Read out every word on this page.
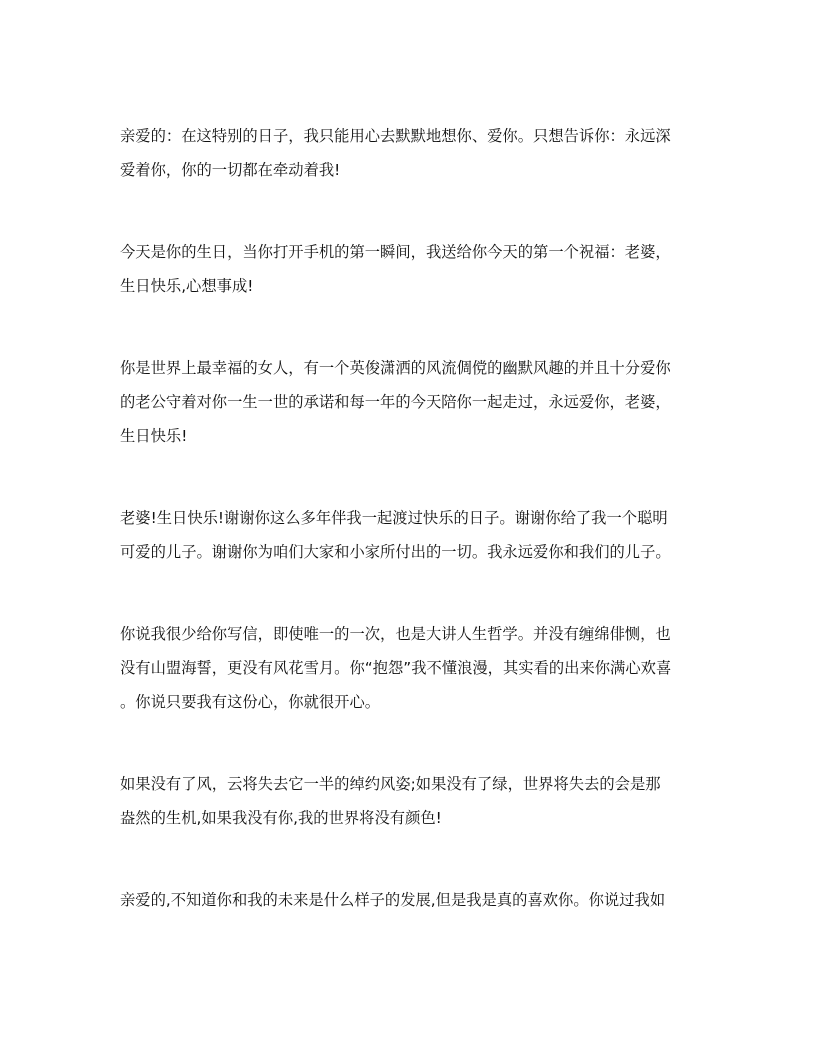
亲爱的：在这特别的日子，我只能用心去默默地想你、爱你。只想告诉你：永远深
爱着你，你的一切都在牵动着我!

今天是你的生日，当你打开手机的第一瞬间，我送给你今天的第一个祝福：老婆，
生日快乐,心想事成!

你是世界上最幸福的女人，有一个英俊潇洒的风流倜傥的幽默风趣的并且十分爱你
的老公守着对你一生一世的承诺和每一年的今天陪你一起走过，永远爱你，老婆，
生日快乐!

老婆!生日快乐!谢谢你这么多年伴我一起渡过快乐的日子。谢谢你给了我一个聪明
可爱的儿子。谢谢你为咱们大家和小家所付出的一切。我永远爱你和我们的儿子。

你说我很少给你写信，即使唯一的一次，也是大讲人生哲学。并没有缠绵俳恻，也
没有山盟海誓，更没有风花雪月。你“抱怨”我不懂浪漫，其实看的出来你满心欢喜
。你说只要我有这份心，你就很开心。

如果没有了风，云将失去它一半的绰约风姿;如果没有了绿，世界将失去的会是那
盎然的生机,如果我没有你,我的世界将没有颜色!

亲爱的,不知道你和我的未来是什么样子的发展,但是我是真的喜欢你。你说过我如
